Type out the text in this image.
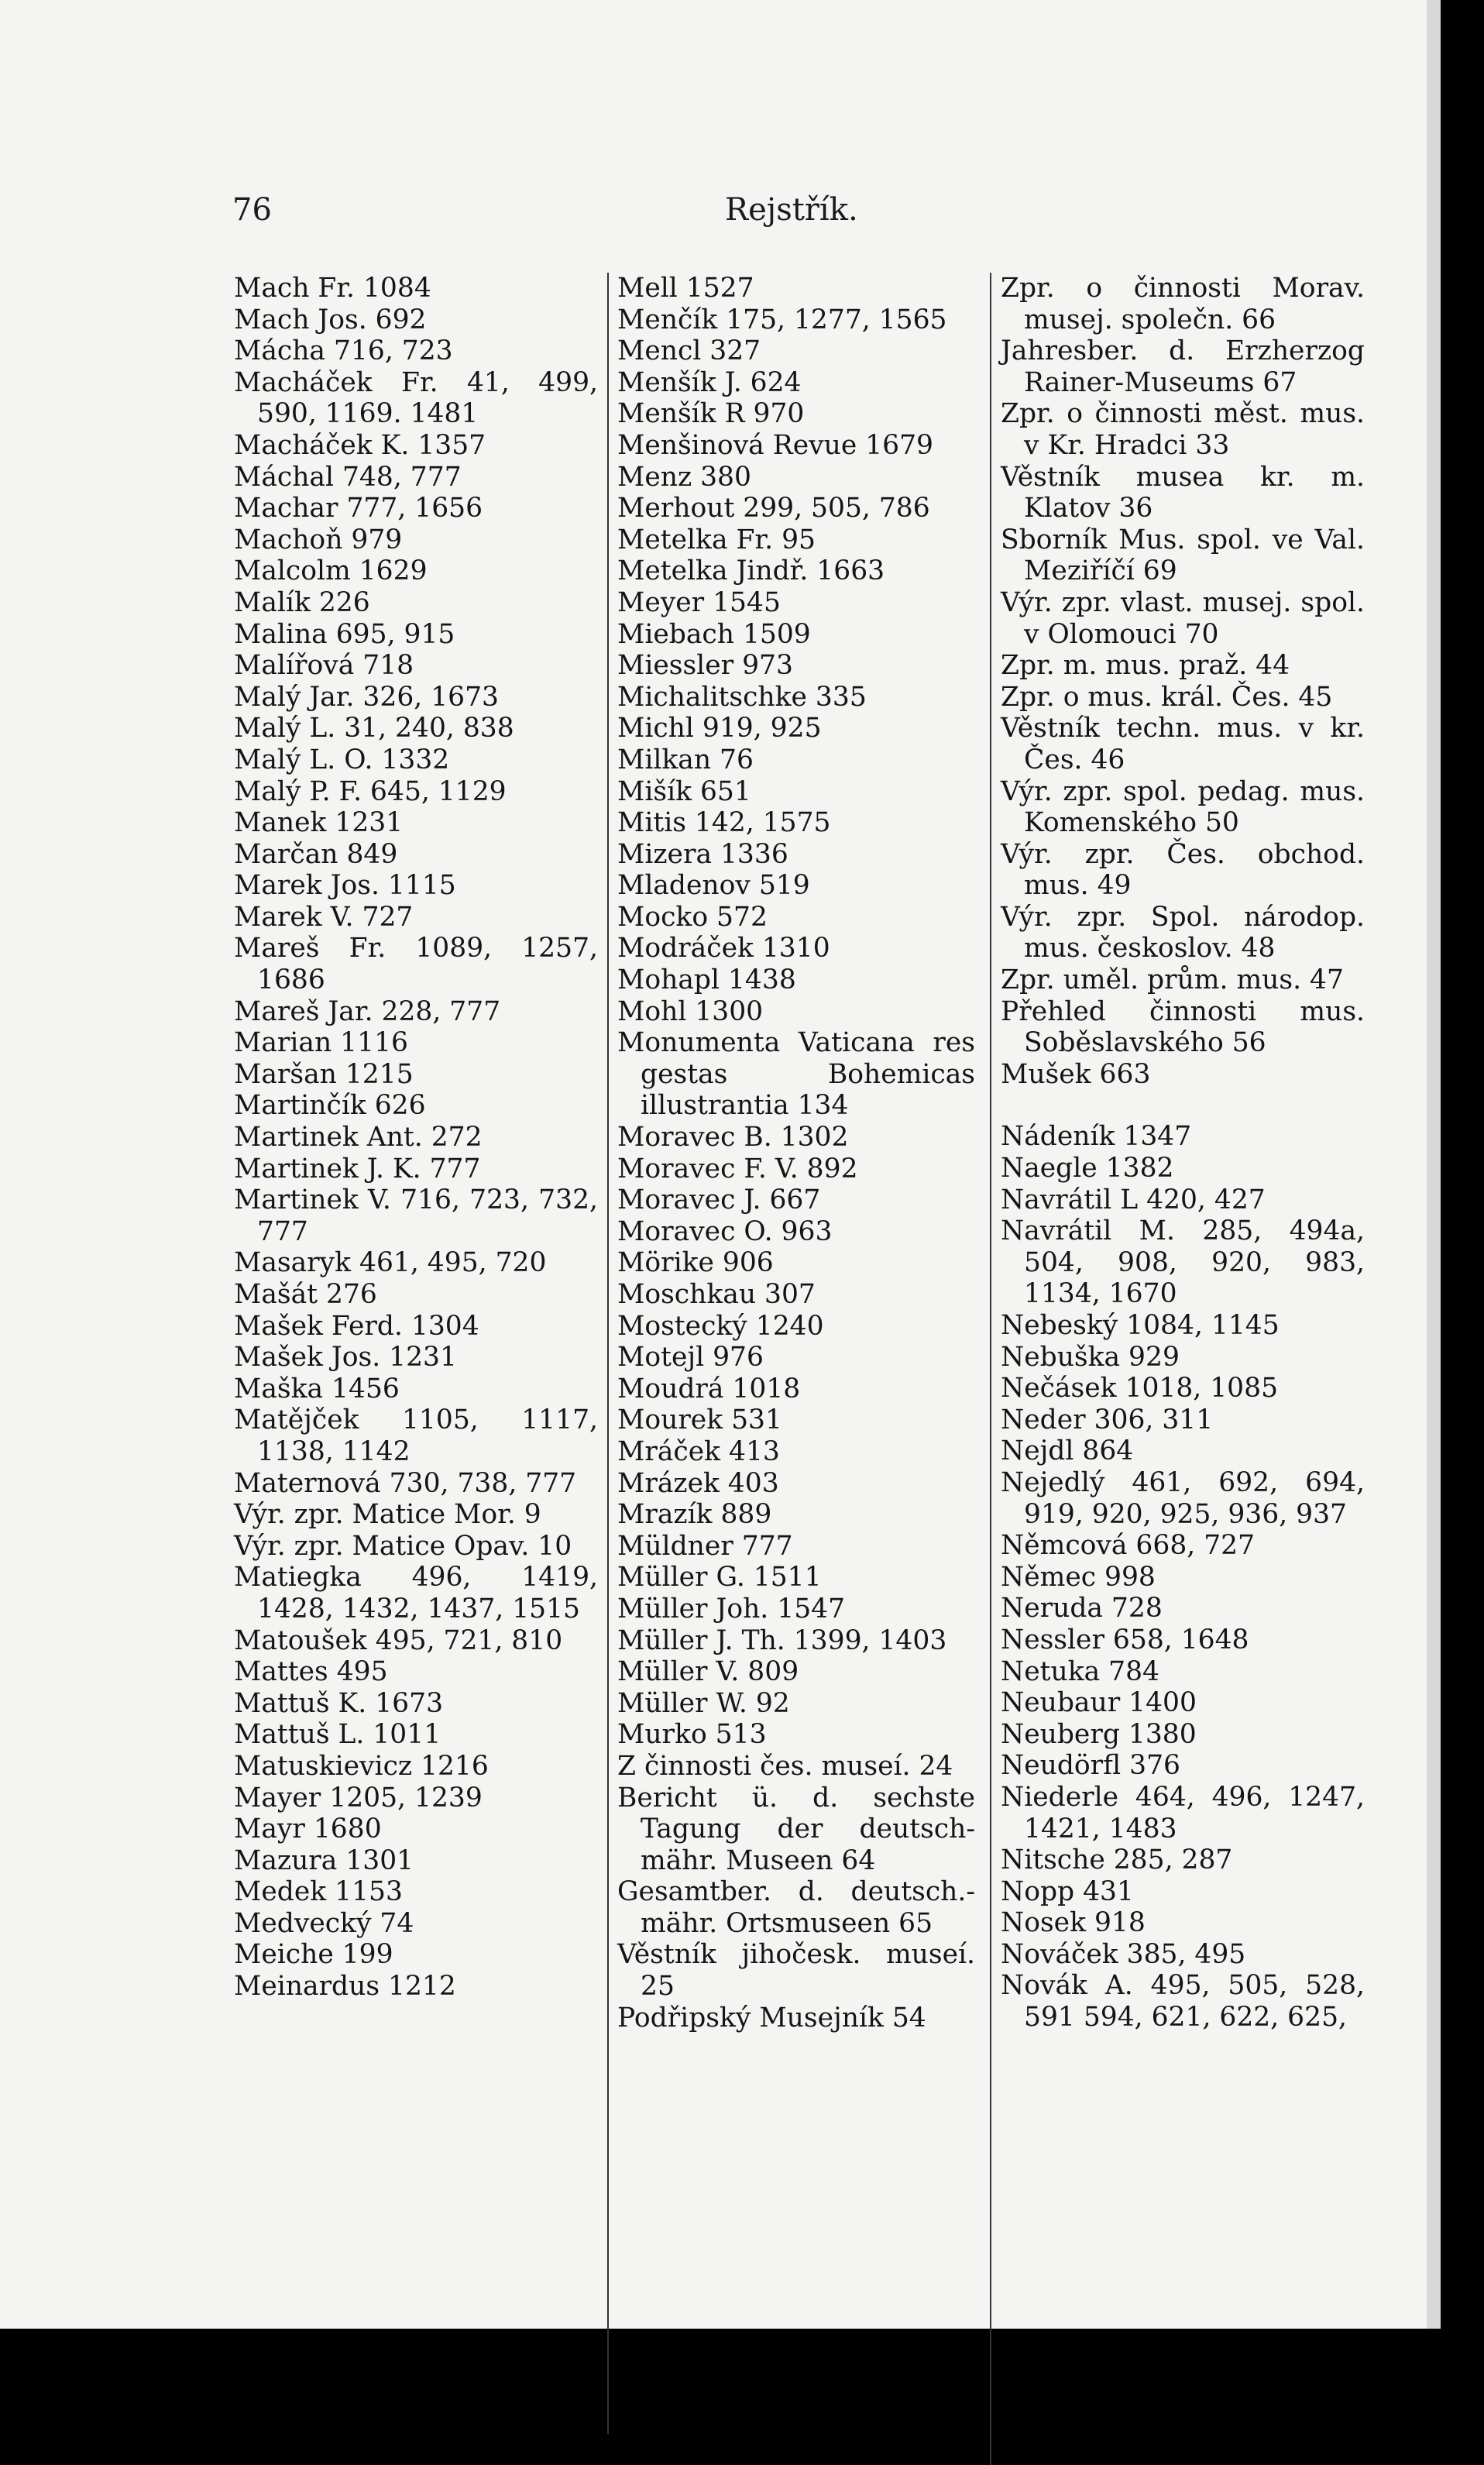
76	Rejstřík.
Mach Fr. 1084
Mach Jos. 692
Mácha 716, 723
Macháček Fr. 41, 499, 590, 1169. 1481
Macháček K. 1357
Máchal 748, 777
Machar 777, 1656
Machoň 979
Malcolm 1629
Malík 226
Malina 695, 915
Malířová 718
Malý Jar. 326, 1673
Malý L. 31, 240, 838
Malý L. O. 1332
Malý P. F. 645, 1129
Manek 1231
Marčan 849
Marek Jos. 1115
Marek V. 727
Mareš Fr. 1089, 1257, 1686
Mareš Jar. 228, 777
Marian 1116
Maršan 1215
Martinčík 626
Martinek Ant. 272
Martinek J. K. 777
Martinek V. 716, 723, 732, 777
Masaryk 461, 495, 720
Mašát 276
Mašek Ferd. 1304
Mašek Jos. 1231
Maška 1456
Matějček 1105, 1117, 1138, 1142
Maternová 730, 738, 777
Výr. zpr. Matice Mor. 9
Výr. zpr. Matice Opav. 10
Matiegka 496, 1419, 1428, 1432, 1437, 1515
Matoušek 495, 721, 810
Mattes 495
Mattuš K. 1673
Mattuš L. 1011
Matuskievicz 1216
Mayer 1205, 1239
Mayr 1680
Mazura 1301
Medek 1153
Medvecký 74
Meiche 199
Meinardus 1212
Mell 1527
Menčík 175, 1277, 1565
Mencl 327
Menšík J. 624
Menšík R 970
Menšinová Revue 1679
Menz 380
Merhout 299, 505, 786
Metelka Fr. 95
Metelka Jindř. 1663
Meyer 1545
Miebach 1509
Miessler 973
Michalitschke 335
Michl 919, 925
Milkan 76
Mišík 651
Mitis 142, 1575
Mizera 1336
Mladenov 519
Mocko 572
Modráček 1310
Mohapl 1438
Mohl 1300
Monumenta Vaticana res gestas Bohemicas illustrantia 134
Moravec B. 1302
Moravec F. V. 892
Moravec J. 667
Moravec O. 963
Mörike 906
Moschkau 307
Mostecký 1240
Motejl 976
Moudrá 1018
Mourek 531
Mráček 413
Mrázek 403
Mrazík 889
Müldner 777
Müller G. 1511
Müller Joh. 1547
Müller J. Th. 1399, 1403
Müller V. 809
Müller W. 92
Murko 513
Z činnosti čes. museí. 24
Bericht ü. d. sechste Tagung der deutsch-mähr. Museen 64
Gesamtber. d. deutsch.-mähr. Ortsmuseen 65
Věstník jihočesk. museí. 25
Podřipský Musejník 54
Zpr. o činnosti Morav. musej. společn. 66
Jahresber. d. Erzherzog Rainer-Museums 67
Zpr. o činnosti měst. mus. v Kr. Hradci 33
Věstník musea kr. m. Klatov 36
Sborník Mus. spol. ve Val. Meziříčí 69
Výr. zpr. vlast. musej. spol. v Olomouci 70
Zpr. m. mus. praž. 44
Zpr. o mus. král. Čes. 45
Věstník techn. mus. v kr. Čes. 46
Výr. zpr. spol. pedag. mus. Komenského 50
Výr. zpr. Čes. obchod. mus. 49
Výr. zpr. Spol. národop. mus. českoslov. 48
Zpr. uměl. prům. mus. 47
Přehled činnosti mus. Soběslavského 56
Mušek 663
Nádeník 1347
Naegle 1382
Navrátil L 420, 427
Navrátil M. 285, 494a, 504, 908, 920, 983, 1134, 1670
Nebeský 1084, 1145
Nebuška 929
Nečásek 1018, 1085
Neder 306, 311
Nejdl 864
Nejedlý 461, 692, 694, 919, 920, 925, 936, 937
Němcová 668, 727
Němec 998
Neruda 728
Nessler 658, 1648
Netuka 784
Neubaur 1400
Neuberg 1380
Neudörfl 376
Niederle 464, 496, 1247, 1421, 1483
Nitsche 285, 287
Nopp 431
Nosek 918
Nováček 385, 495
Novák A. 495, 505, 528, 591 594, 621, 622, 625,
